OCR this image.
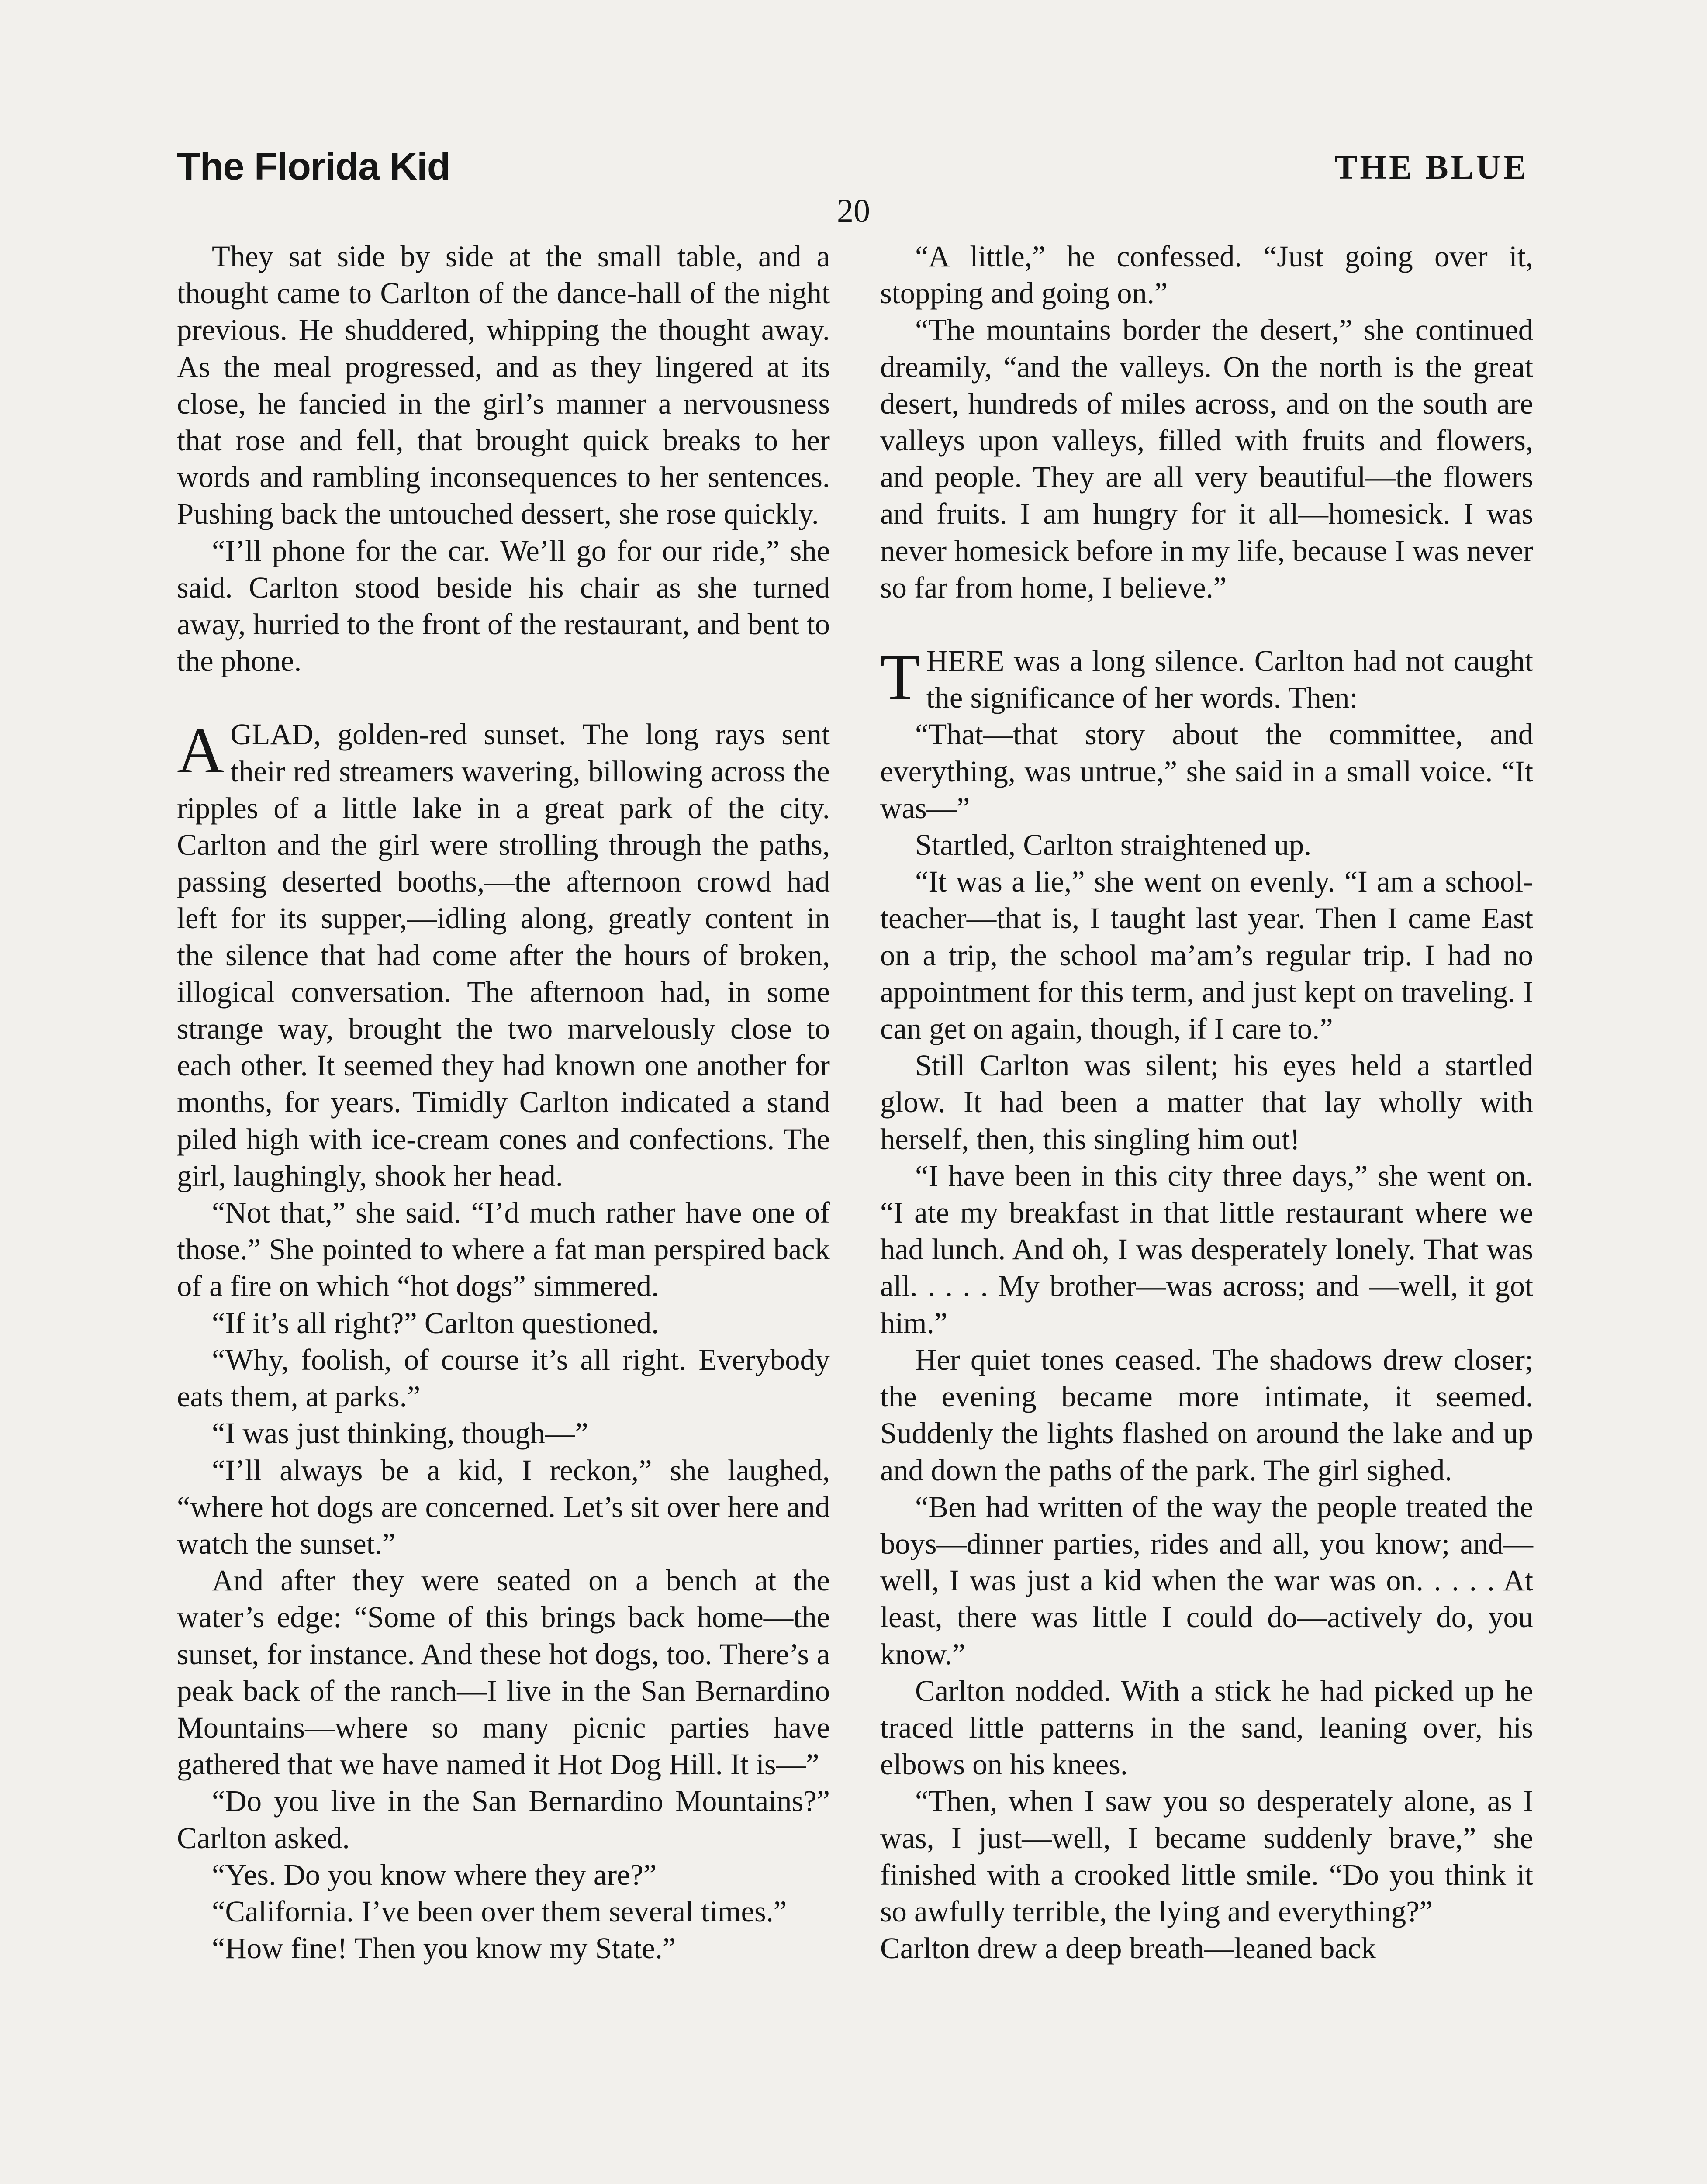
The Florida Kid	THE BLUE
20

They sat side by side at the small table, and a thought came to Carlton of the dance-hall of the night previous. He shuddered, whipping the thought away. As the meal progressed, and as they lingered at its close, he fancied in the girl’s manner a nervousness that rose and fell, that brought quick breaks to her words and rambling inconsequences to her sentences. Pushing back the untouched dessert, she rose quickly.

“I’ll phone for the car. We’ll go for our ride,” she said. Carlton stood beside his chair as she turned away, hurried to the front of the restaurant, and bent to the phone.

A GLAD, golden-red sunset. The long rays sent their red streamers wavering, billowing across the ripples of a little lake in a great park of the city. Carlton and the girl were strolling through the paths, passing deserted booths,—the afternoon crowd had left for its supper,—idling along, greatly content in the silence that had come after the hours of broken, illogical conversation. The afternoon had, in some strange way, brought the two marvelously close to each other. It seemed they had known one another for months, for years. Timidly Carlton indicated a stand piled high with ice-cream cones and confections. The girl, laughingly, shook her head.

“Not that,” she said. “I’d much rather have one of those.” She pointed to where a fat man perspired back of a fire on which “hot dogs” simmered.

“If it’s all right?” Carlton questioned.

“Why, foolish, of course it’s all right. Everybody eats them, at parks.”

“I was just thinking, though—”

“I’ll always be a kid, I reckon,” she laughed, “where hot dogs are concerned. Let’s sit over here and watch the sunset.”

And after they were seated on a bench at the water’s edge: “Some of this brings back home—the sunset, for instance. And these hot dogs, too. There’s a peak back of the ranch—I live in the San Bernardino Mountains—where so many picnic parties have gathered that we have named it Hot Dog Hill. It is—”

“Do you live in the San Bernardino Mountains?” Carlton asked.

“Yes. Do you know where they are?”

“California. I’ve been over them several times.”

“How fine! Then you know my State.”

“A little,” he confessed. “Just going over it, stopping and going on.”

“The mountains border the desert,” she continued dreamily, “and the valleys. On the north is the great desert, hundreds of miles across, and on the south are valleys upon valleys, filled with fruits and flowers, and people. They are all very beautiful—the flowers and fruits. I am hungry for it all—homesick. I was never homesick before in my life, because I was never so far from home, I believe.”

THERE was a long silence. Carlton had not caught the significance of her words. Then:

“That—that story about the committee, and everything, was untrue,” she said in a small voice. “It was—”

Startled, Carlton straightened up.

“It was a lie,” she went on evenly. “I am a school-teacher—that is, I taught last year. Then I came East on a trip, the school ma’am’s regular trip. I had no appointment for this term, and just kept on traveling. I can get on again, though, if I care to.”

Still Carlton was silent; his eyes held a startled glow. It had been a matter that lay wholly with herself, then, this singling him out!

“I have been in this city three days,” she went on. “I ate my breakfast in that little restaurant where we had lunch. And oh, I was desperately lonely. That was all. . . . . My brother—was across; and —well, it got him.”

Her quiet tones ceased. The shadows drew closer; the evening became more intimate, it seemed. Suddenly the lights flashed on around the lake and up and down the paths of the park. The girl sighed.

“Ben had written of the way the people treated the boys—dinner parties, rides and all, you know; and—well, I was just a kid when the war was on. . . . . At least, there was little I could do—actively do, you know.”

Carlton nodded. With a stick he had picked up he traced little patterns in the sand, leaning over, his elbows on his knees.

“Then, when I saw you so desperately alone, as I was, I just—well, I became suddenly brave,” she finished with a crooked little smile. “Do you think it so awfully terrible, the lying and everything?”

Carlton drew a deep breath—leaned back
